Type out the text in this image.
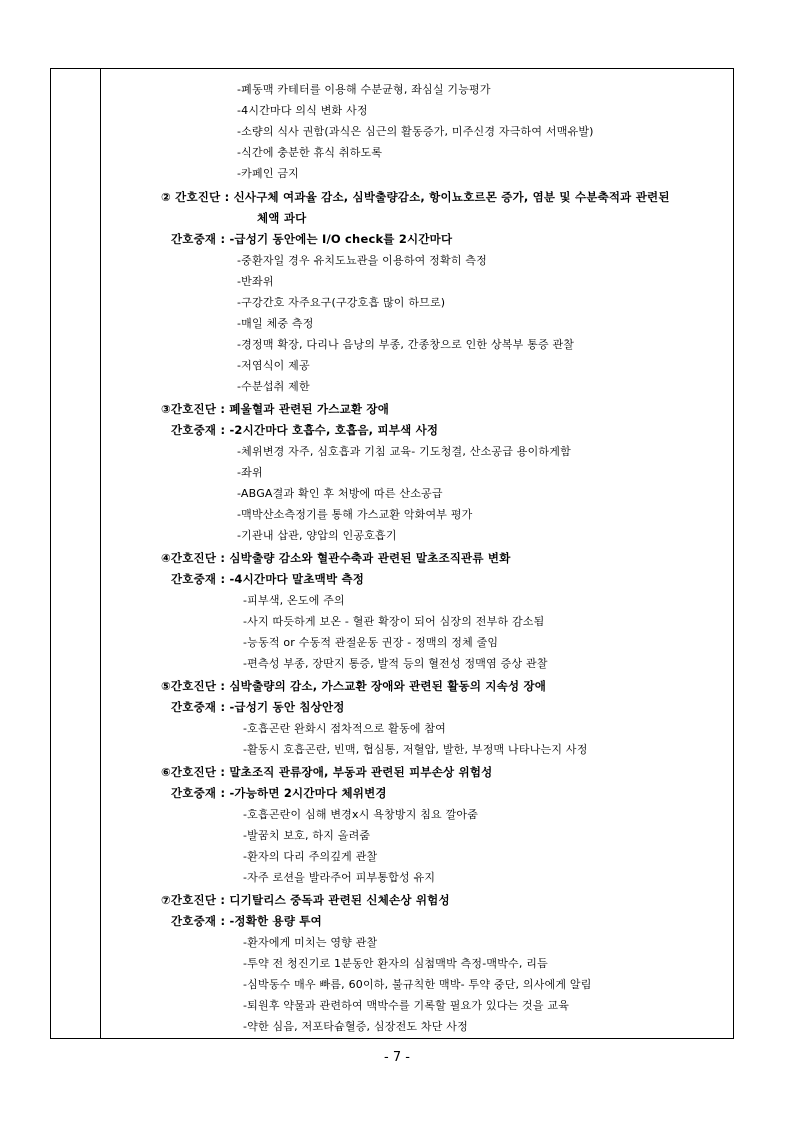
-폐동맥 카테터를 이용해 수분균형, 좌심실 기능평가
-4시간마다 의식 변화 사정
-소량의 식사 권함(과식은 심근의 활동증가, 미주신경 자극하여 서맥유발)
-식간에 충분한 휴식 취하도록
-카페인 금지
② 간호진단 : 신사구체 여과율 감소, 심박출량감소, 항이뇨호르몬 증가, 염분 및 수분축적과 관련된
체액 과다
간호중재 : -급성기 동안에는 I/O check를 2시간마다
-중환자일 경우 유치도뇨관을 이용하여 정확히 측정
-반좌위
-구강간호 자주요구(구강호흡 많이 하므로)
-매일 체중 측정
-경정맥 확장, 다리나 음낭의 부종, 간종창으로 인한 상복부 통증 관찰
-저염식이 제공
-수분섭취 제한
③간호진단 : 폐울혈과 관련된 가스교환 장애
간호중재 : -2시간마다 호흡수, 호흡음, 피부색 사정
-체위변경 자주, 심호흡과 기침 교육- 기도청결, 산소공급 용이하게함
-좌위
-ABGA결과 확인 후 처방에 따른 산소공급
-맥박산소측정기를 통해 가스교환 악화여부 평가
-기관내 삽관, 양압의 인공호흡기
④간호진단 : 심박출량 감소와 혈관수축과 관련된 말초조직관류 변화
간호중재 : -4시간마다 말초맥박 측정
-피부색, 온도에 주의
-사지 따듯하게 보온 - 혈관 확장이 되어 심장의 전부하 감소됨
-능동적 or 수동적 관절운동 권장 - 정맥의 정체 줄임
-편측성 부종, 장딴지 통증, 발적 등의 혈전성 정맥염 증상 관찰
⑤간호진단 : 심박출량의 감소, 가스교환 장애와 관련된 활동의 지속성 장애
간호중재 : -급성기 동안 침상안정
-호흡곤란 완화시 점차적으로 활동에 참여
-활동시 호흡곤란, 빈맥, 협심통, 저혈압, 발한, 부정맥 나타나는지 사정
⑥간호진단 : 말초조직 관류장애, 부동과 관련된 피부손상 위험성
간호중재 : -가능하면 2시간마다 체위변경
-호흡곤란이 심해 변경x시 욕창방지 침요 깔아줌
-발꿈치 보호, 하지 올려줌
-환자의 다리 주의깊게 관찰
-자주 로션을 발라주어 피부통합성 유지
⑦간호진단 : 디기탈리스 중독과 관련된 신체손상 위험성
간호중재 : -정확한 용량 투여
-환자에게 미치는 영향 관찰
-투약 전 청진기로 1분동안 환자의 심첨맥박 측정-맥박수, 리듬
-심박동수 매우 빠름, 60이하, 불규칙한 맥박- 투약 중단, 의사에게 알림
-퇴원후 약물과 관련하여 맥박수를 기록할 필요가 있다는 것을 교육
-약한 심음, 저포타슘혈증, 심장전도 차단 사정
- 7 -
